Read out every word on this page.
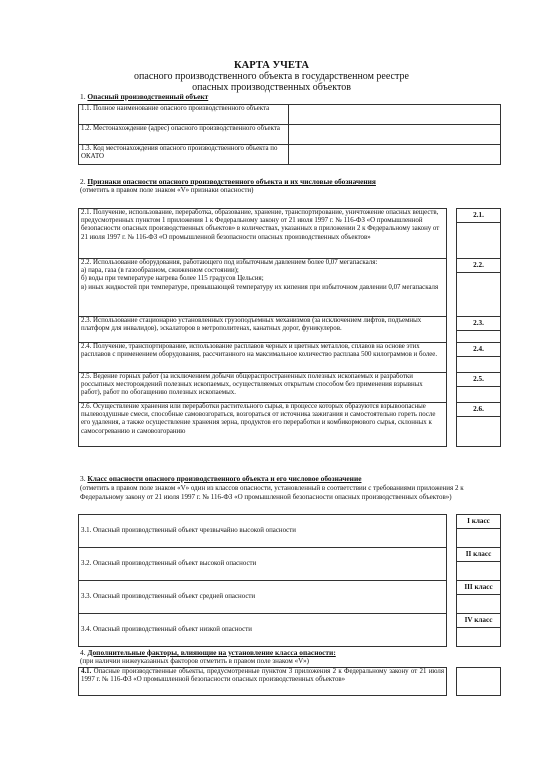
КАРТА УЧЕТА
опасного производственного объекта в государственном реестре
опасных производственных объектов
1. Опасный производственный объект
1.1. Полное наименование опасного производственного объекта	
1.2. Местонахождение (адрес) опасного производственного объекта	
1.3. Код местонахождения опасного производственного объекта по ОКАТО	
2. Признаки опасности опасного производственного объекта и их числовые обозначения
(отметить в правом поле знаком «V» признаки опасности)
2.1. Получение, использование, переработка, образование, хранение, транспортирование, уничтожение опасных веществ, предусмотренных пунктом 1 приложения 1 к Федеральному закону от 21 июля 1997 г. № 116-ФЗ «О промышленной безопасности опасных производственных объектов» в количествах, указанных в приложении 2 к Федеральному закону от 21 июля 1997 г. № 116-ФЗ «О промышленной безопасности опасных производственных объектов»		2.1.

2.2. Использование оборудования, работающего под избыточным давлением более 0,07 мегапаскаля:
а) пара, газа (в газообразном, сжиженном состоянии);
б) воды при температуре нагрева более 115 градусов Цельсия;
в) иных жидкостей при температуре, превышающей температуру их кипения при избыточном давлении 0,07 мегапаскаля		2.2.

2.3. Использование стационарно установленных грузоподъемных механизмов (за исключением лифтов, подъемных платформ для инвалидов), эскалаторов в метрополитенах, канатных дорог, фуникулеров.		2.3.

2.4. Получение, транспортирование, использование расплавов черных и цветных металлов, сплавов на основе этих расплавов с применением оборудования, рассчитанного на максимальное количество расплава 500 килограммов и более.		2.4.

2.5. Ведение горных работ (за исключением добычи общераспространенных полезных ископаемых и разработки россыпных месторождений полезных ископаемых, осуществляемых открытым способом без применения взрывных работ), работ по обогащению полезных ископаемых.		2.5.

2.6. Осуществление хранения или переработки растительного сырья, в процессе которых образуются взрывоопасные пылевоздушные смеси, способные самовозгораться, возгораться от источника зажигания и самостоятельно гореть после его удаления, а также осуществление хранения зерна, продуктов его переработки и комбикормового сырья, склонных к самосогреванию и самовозгоранию		2.6.
3. Класс опасности опасного производственного объекта и его числовое обозначение
(отметить в правом поле знаком «V» один из классов опасности, установленный в соответствии с требованиями приложения 2 к Федеральному закону от 21 июля 1997 г. № 116-ФЗ «О промышленной безопасности опасных производственных объектов»)
3.1. Опасный производственный объект чрезвычайно высокой опасности		I класс

3.2. Опасный производственный объект высокой опасности		II класс

3.3. Опасный производственный объект средней опасности		III класс

3.4. Опасный производственный объект низкой опасности		IV класс
4. Дополнительные факторы, влияющие на установление класса опасности:
(при наличии нижеуказанных факторов отметить в правом поле знаком «V»)
4.1. Опасные производственные объекты, предусмотренные пунктом 3 приложения 2 к Федеральному закону от 21 июля 1997 г. № 116-ФЗ «О промышленной безопасности опасных производственных объектов»		
